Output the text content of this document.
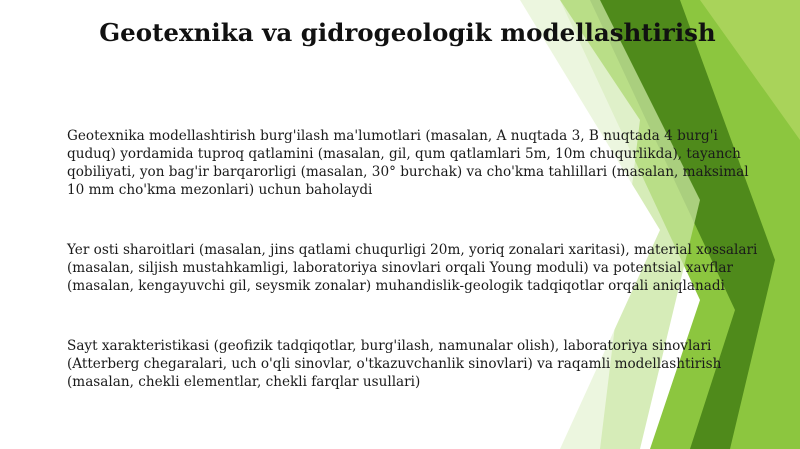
Geotexnika va gidrogeologik modellashtirish

Geotexnika modellashtirish burg'ilash ma'lumotlari (masalan, A nuqtada 3, B nuqtada 4 burg'i quduq) yordamida tuproq qatlamini (masalan, gil, qum qatlamlari 5m, 10m chuqurlikda), tayanch qobiliyati, yon bag'ir barqarorligi (masalan, 30° burchak) va cho'kma tahlillari (masalan, maksimal 10 mm cho'kma mezonlari) uchun baholaydi

Yer osti sharoitlari (masalan, jins qatlami chuqurligi 20m, yoriq zonalari xaritasi), material xossalari (masalan, siljish mustahkamligi, laboratoriya sinovlari orqali Young moduli) va potentsial xavflar (masalan, kengayuvchi gil, seysmik zonalar) muhandislik-geologik tadqiqotlar orqali aniqlanadi

Sayt xarakteristikasi (geofizik tadqiqotlar, burg'ilash, namunalar olish), laboratoriya sinovlari (Atterberg chegaralari, uch o'qli sinovlar, o'tkazuvchanlik sinovlari) va raqamli modellashtirish (masalan, chekli elementlar, chekli farqlar usullari)
